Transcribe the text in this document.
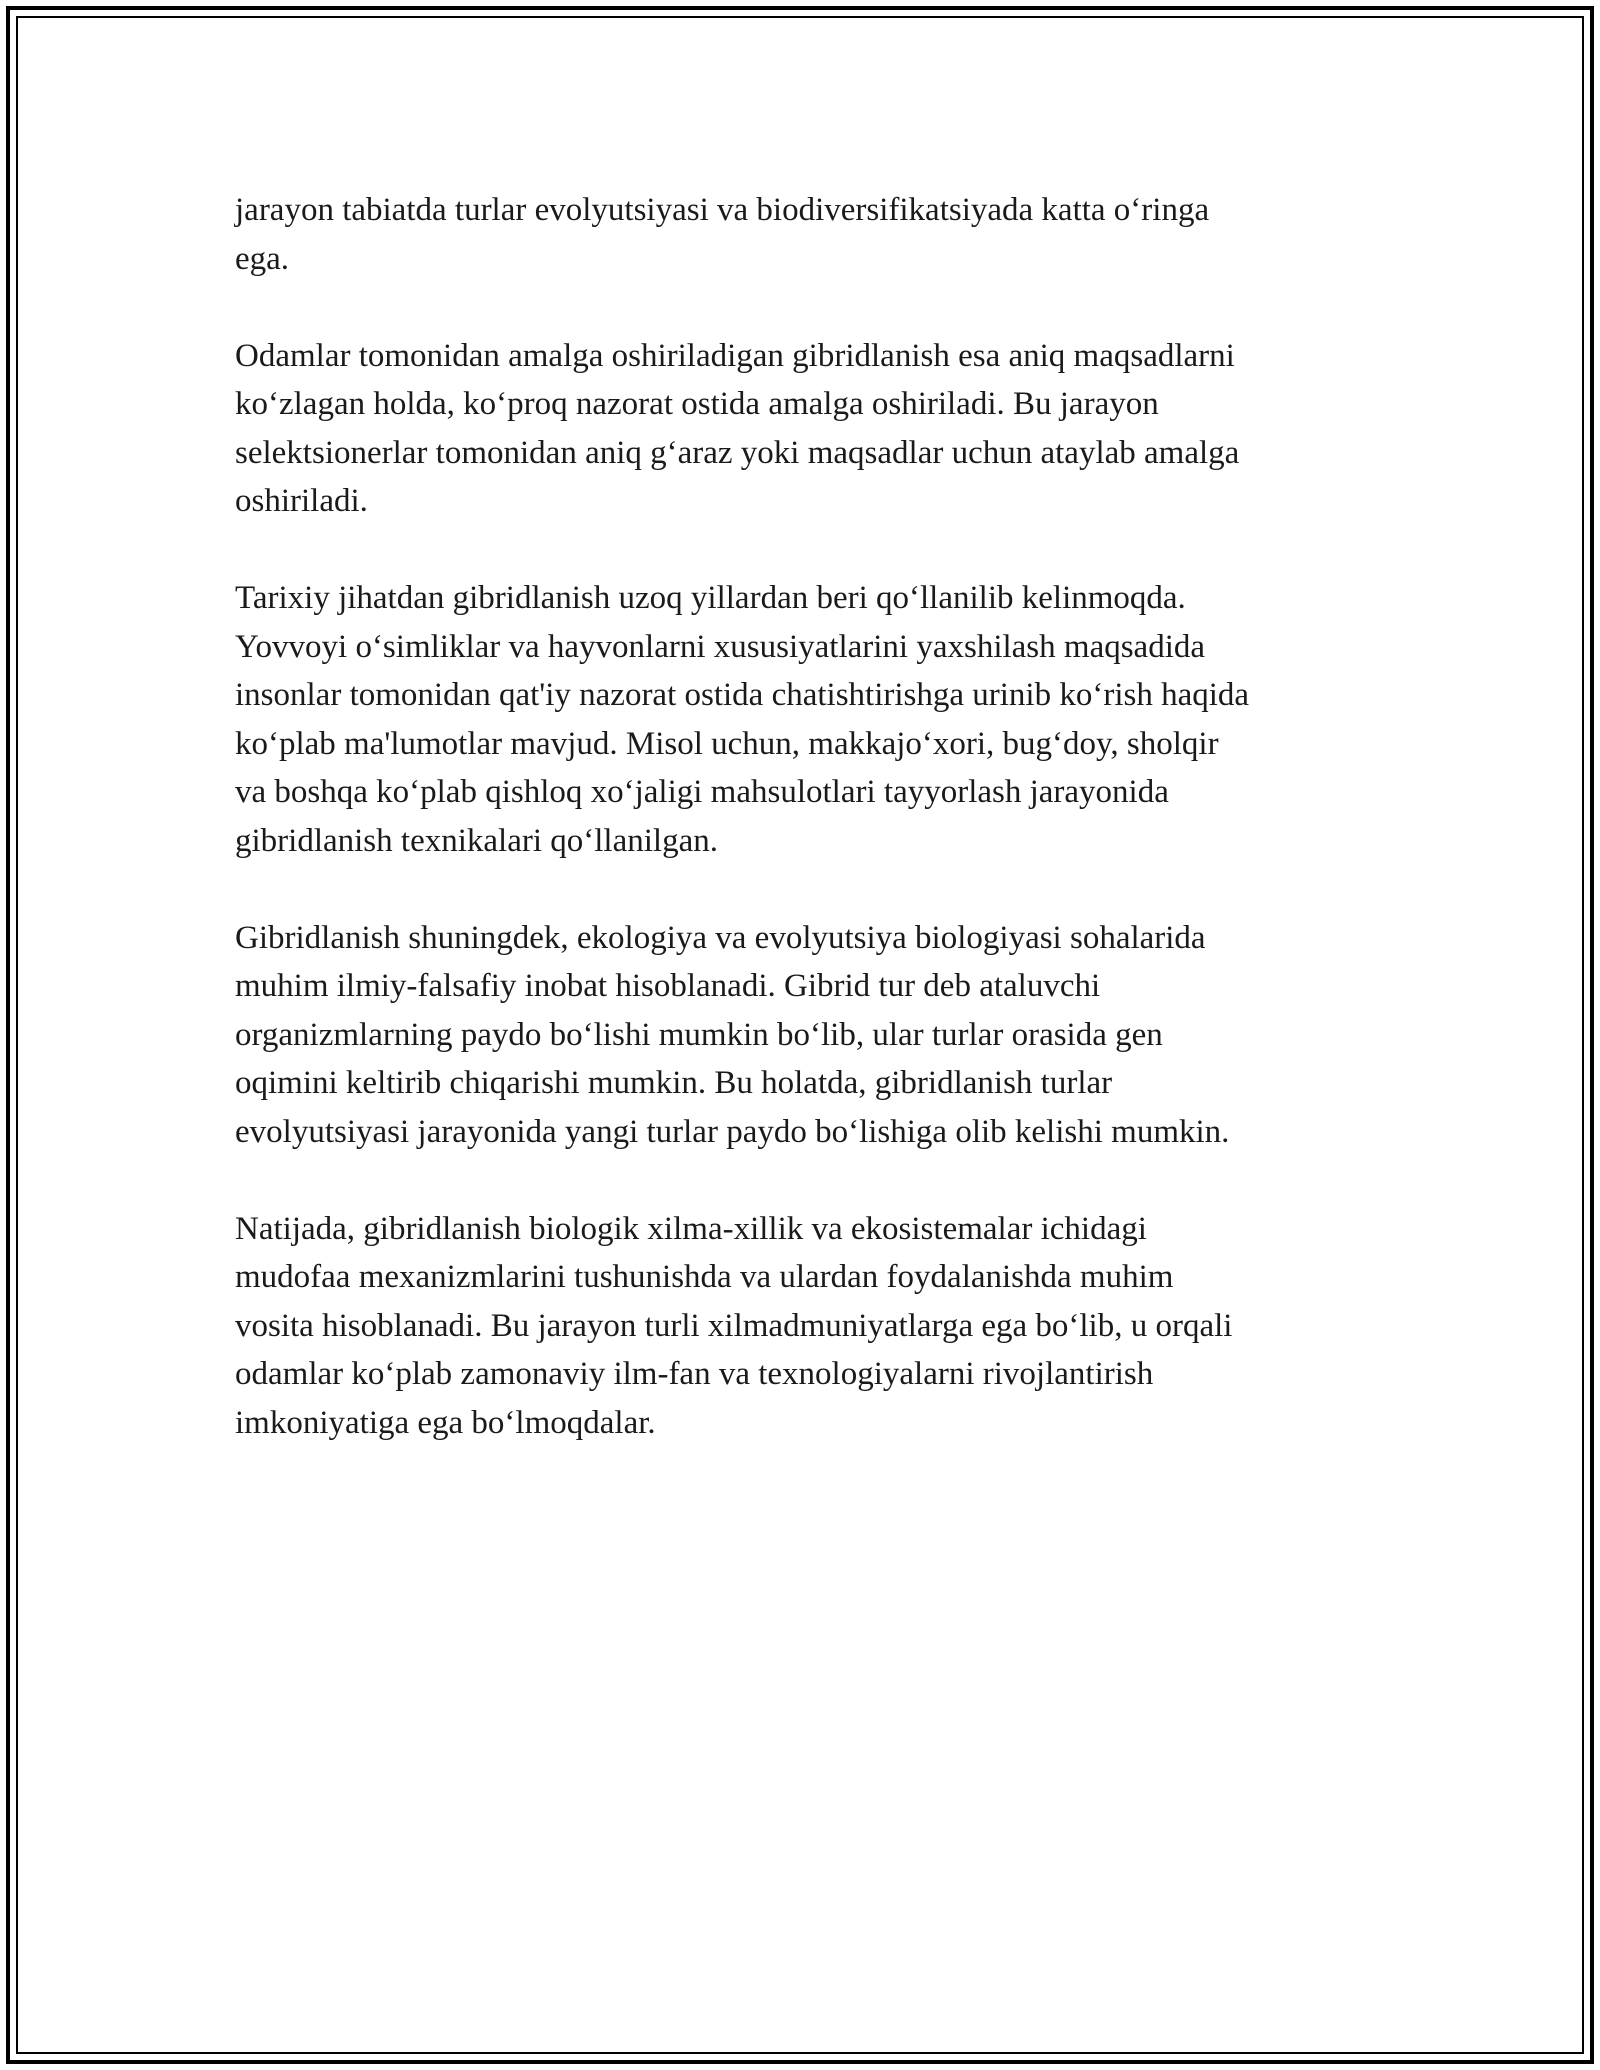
jarayon tabiatda turlar evolyutsiyasi va biodiversifikatsiyada katta o‘ringa
ega.

Odamlar tomonidan amalga oshiriladigan gibridlanish esa aniq maqsadlarni
ko‘zlagan holda, ko‘proq nazorat ostida amalga oshiriladi. Bu jarayon
selektsionerlar tomonidan aniq g‘araz yoki maqsadlar uchun ataylab amalga
oshiriladi.

Tarixiy jihatdan gibridlanish uzoq yillardan beri qo‘llanilib kelinmoqda.
Yovvoyi o‘simliklar va hayvonlarni xususiyatlarini yaxshilash maqsadida
insonlar tomonidan qat'iy nazorat ostida chatishtirishga urinib ko‘rish haqida
ko‘plab ma'lumotlar mavjud. Misol uchun, makkajo‘xori, bug‘doy, sholqir
va boshqa ko‘plab qishloq xo‘jaligi mahsulotlari tayyorlash jarayonida
gibridlanish texnikalari qo‘llanilgan.

Gibridlanish shuningdek, ekologiya va evolyutsiya biologiyasi sohalarida
muhim ilmiy-falsafiy inobat hisoblanadi. Gibrid tur deb ataluvchi
organizmlarning paydo bo‘lishi mumkin bo‘lib, ular turlar orasida gen
oqimini keltirib chiqarishi mumkin. Bu holatda, gibridlanish turlar
evolyutsiyasi jarayonida yangi turlar paydo bo‘lishiga olib kelishi mumkin.

Natijada, gibridlanish biologik xilma-xillik va ekosistemalar ichidagi
mudofaa mexanizmlarini tushunishda va ulardan foydalanishda muhim
vosita hisoblanadi. Bu jarayon turli xilmadmuniyatlarga ega bo‘lib, u orqali
odamlar ko‘plab zamonaviy ilm-fan va texnologiyalarni rivojlantirish
imkoniyatiga ega bo‘lmoqdalar.
